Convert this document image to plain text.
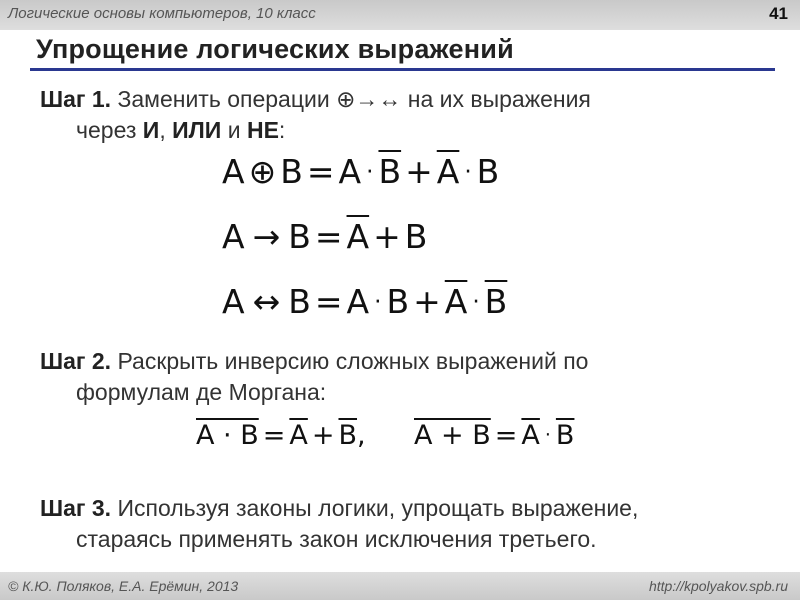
Логические основы компьютеров, 10 класс	41
Упрощение логических выражений
Шаг 1. Заменить операции ⊕→↔ на их выражения
через И, ИЛИ и НЕ:
A ⊕ $B = A \cdot \overline{B} + \overline{A} \cdot B$
$A \to B = \overline{A} + B$
A ↔ $B = A \cdot B + \overline{A} \cdot \overline{B}$
Шаг 2. Раскрыть инверсию сложных выражений по
формулам де Моргана:
$A \cdot B = \overline{A} + \overline{B}$, $A + B = \overline{A} \cdot \overline{B}$
Шаг 3. Используя законы логики, упрощать выражение,
стараясь применять закон исключения третьего.
© К.Ю. Поляков, Е.А. Ерёмин, 2013	http://kpolyakov.spb.ru
